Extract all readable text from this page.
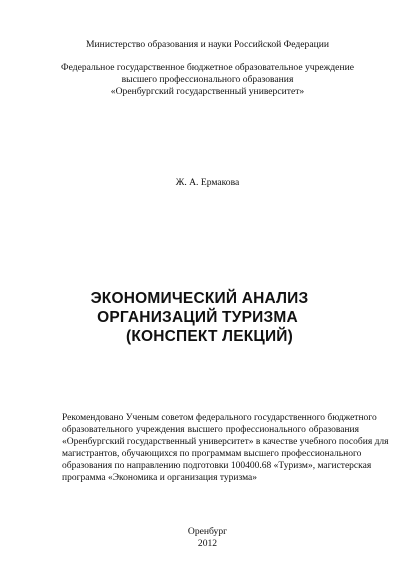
Министерство образования и науки Российской Федерации
Федеральное государственное бюджетное образовательное учреждение
высшего профессионального образования
«Оренбургский государственный университет»
Ж. А. Ермакова
ЭКОНОМИЧЕСКИЙ АНАЛИЗ
ОРГАНИЗАЦИЙ ТУРИЗМА
(КОНСПЕКТ ЛЕКЦИЙ)
Рекомендовано Ученым советом федерального государственного бюджетного
образовательного учреждения высшего профессионального образования
«Оренбургский государственный университет» в качестве учебного пособия для
магистрантов, обучающихся по программам высшего профессионального
образования по направлению подготовки 100400.68 «Туризм», магистерская
программа «Экономика и организация туризма»
Оренбург
2012
